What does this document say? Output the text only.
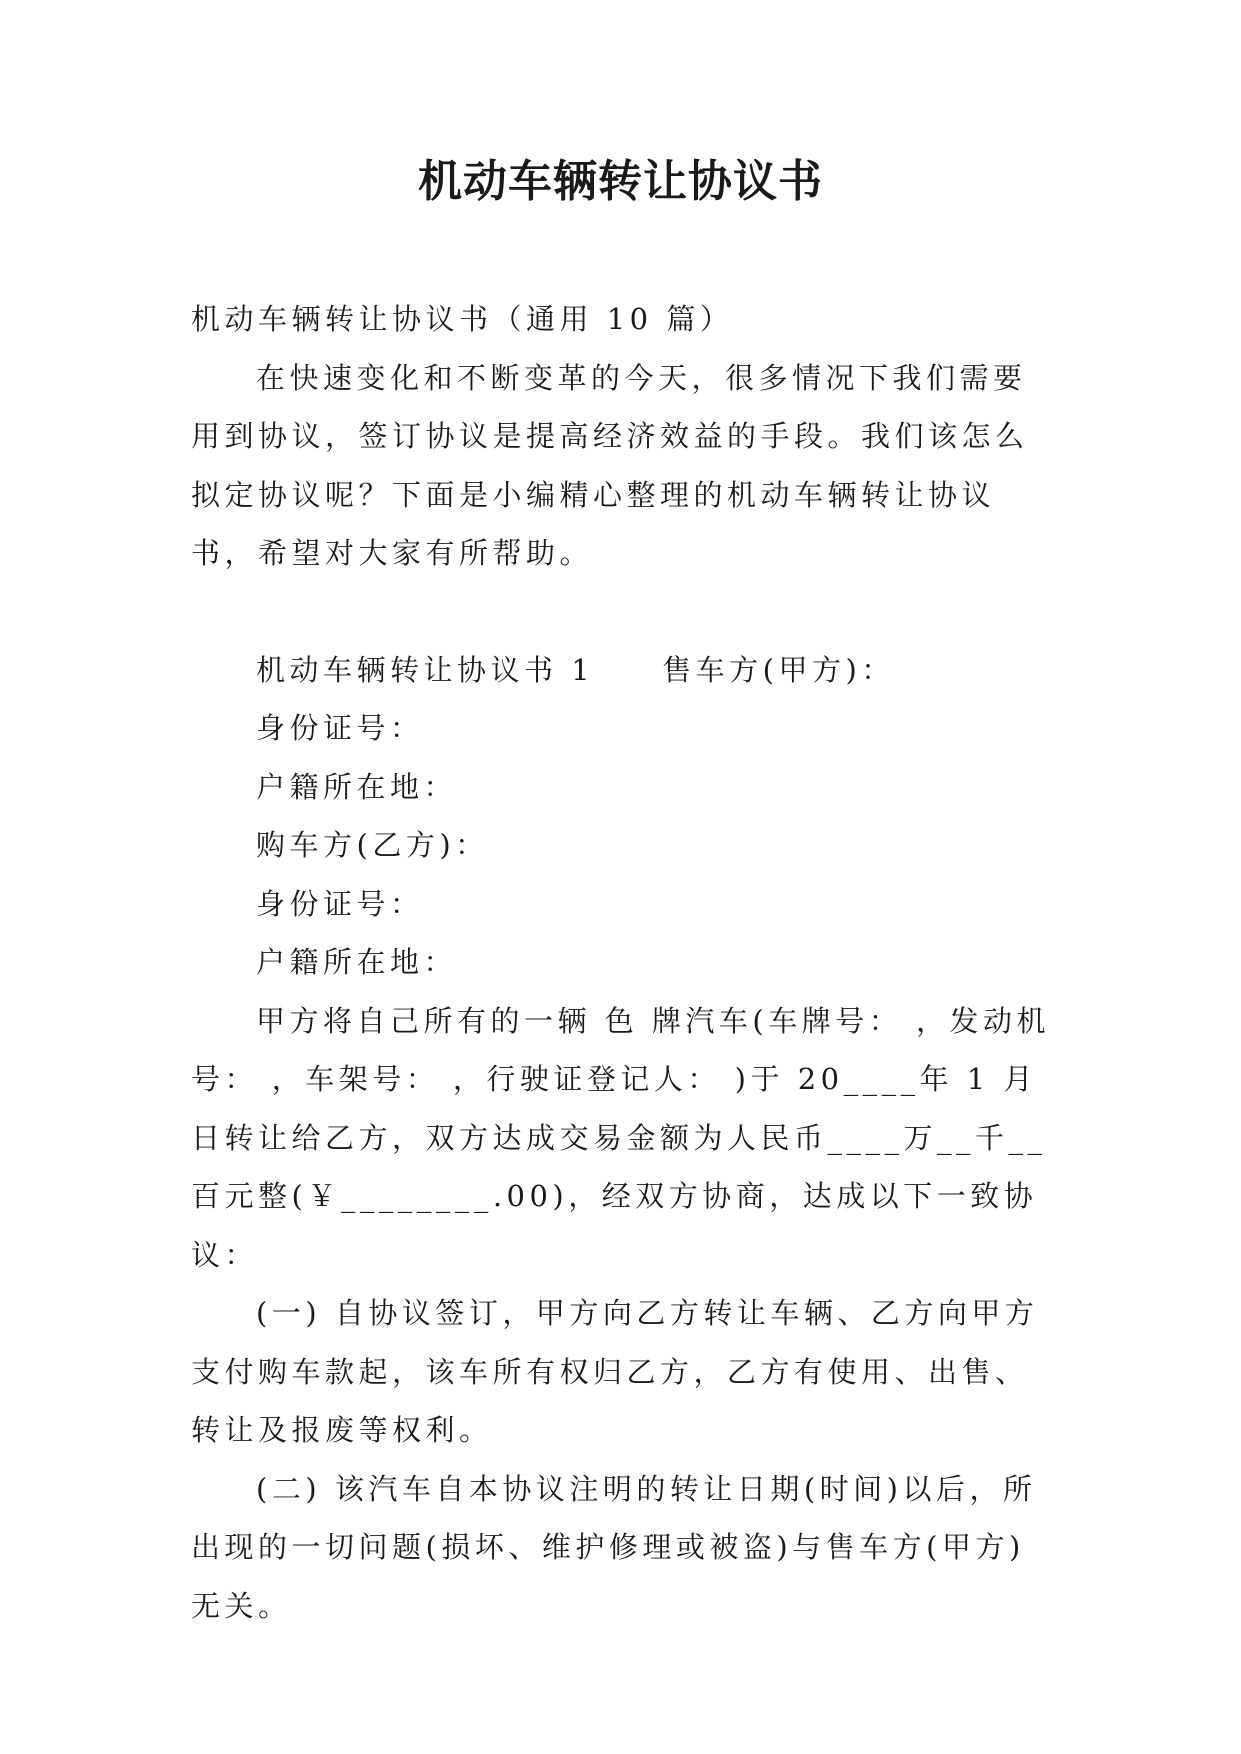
机动车辆转让协议书

机动车辆转让协议书（通用 10 篇）

在快速变化和不断变革的今天，很多情况下我们需要用到协议，签订协议是提高经济效益的手段。我们该怎么拟定协议呢？下面是小编精心整理的机动车辆转让协议书，希望对大家有所帮助。

机动车辆转让协议书 1 售车方(甲方)：

身份证号：

户籍所在地：

购车方(乙方)：

身份证号：

户籍所在地：

甲方将自己所有的一辆 色 牌汽车(车牌号： ，发动机号： ，车架号： ，行驶证登记人： )于 20____年 1 月 日转让给乙方，双方达成交易金额为人民币____万__千__百元整(￥________.00)，经双方协商，达成以下一致协议：

(一) 自协议签订，甲方向乙方转让车辆、乙方向甲方支付购车款起，该车所有权归乙方，乙方有使用、出售、转让及报废等权利。

(二) 该汽车自本协议注明的转让日期(时间)以后，所出现的一切问题(损坏、维护修理或被盗)与售车方(甲方)无关。
